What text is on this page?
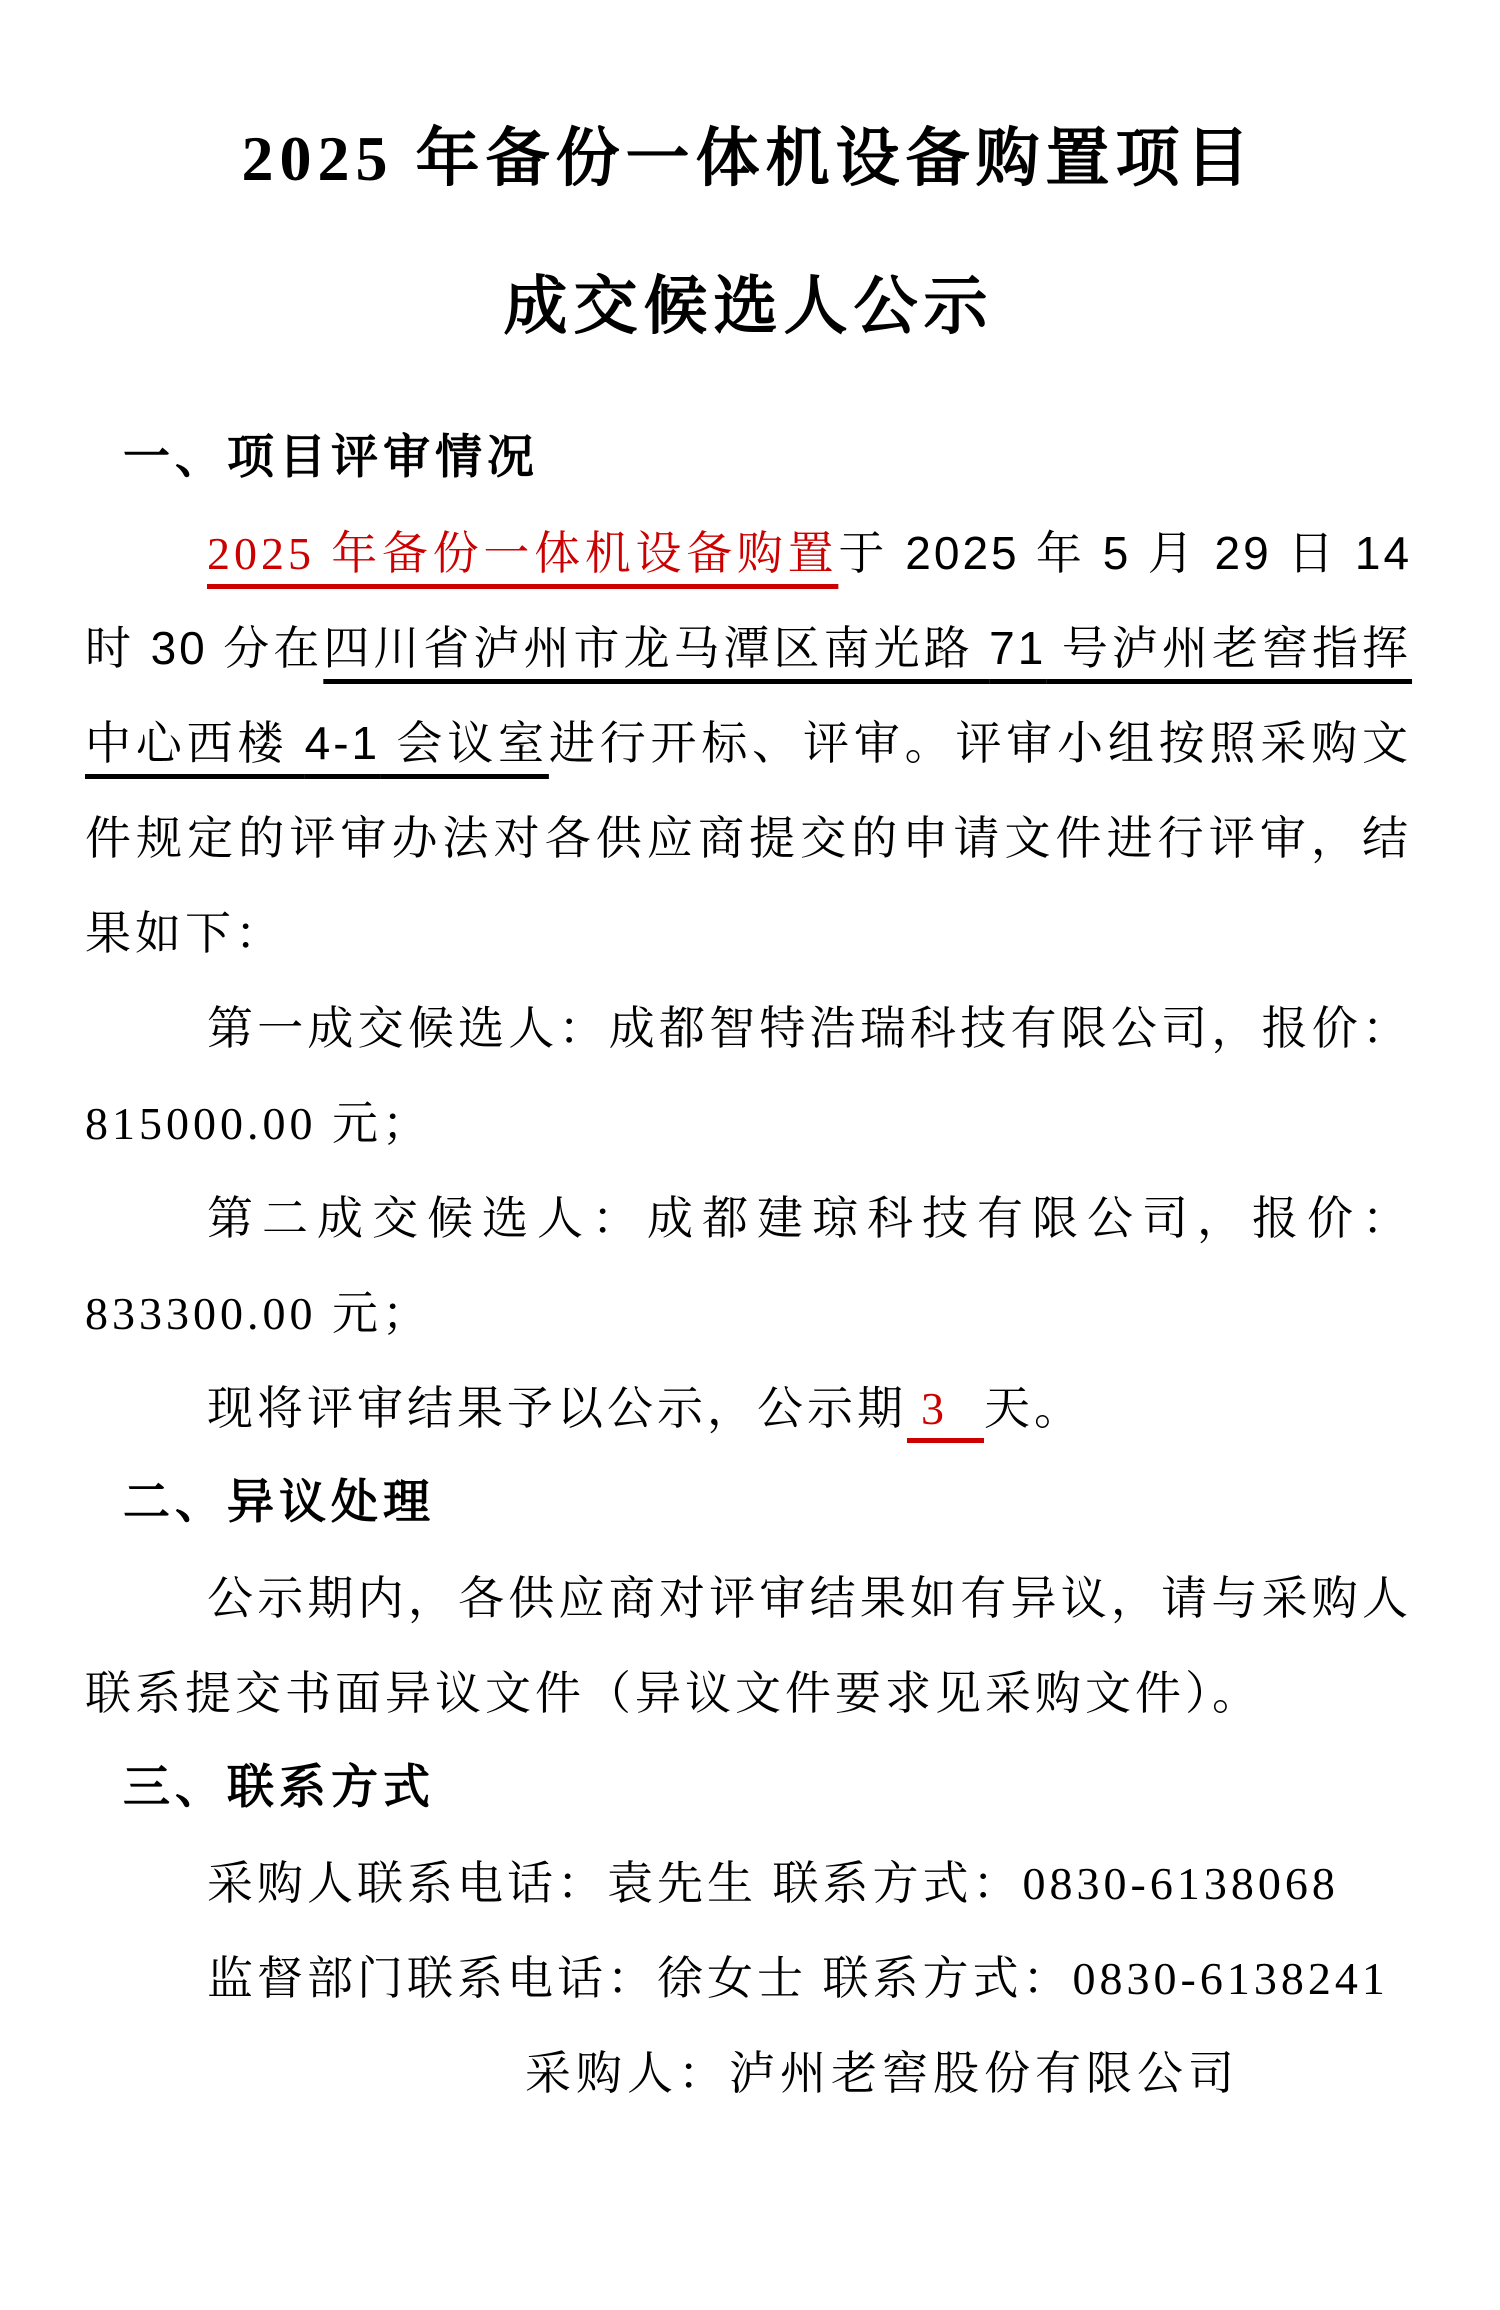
2025 年备份一体机设备购置项目
成交候选人公示
一、项目评审情况

2025 年备份一体机设备购置于 2025 年 5 月 29 日 14 时 30 分在四川省泸州市龙马潭区南光路 71 号泸州老窖指挥中心西楼 4-1 会议室进行开标、评审。评审小组按照采购文件规定的评审办法对各供应商提交的申请文件进行评审，结果如下：

第一成交候选人：成都智特浩瑞科技有限公司，报价：815000.00 元；

第二成交候选人：成都建琼科技有限公司，报价：833300.00 元；

现将评审结果予以公示，公示期 3 天。

二、异议处理

公示期内，各供应商对评审结果如有异议，请与采购人联系提交书面异议文件（异议文件要求见采购文件）。

三、联系方式

采购人联系电话：袁先生 联系方式：0830-6138068

监督部门联系电话：徐女士 联系方式：0830-6138241

采购人：泸州老窖股份有限公司
